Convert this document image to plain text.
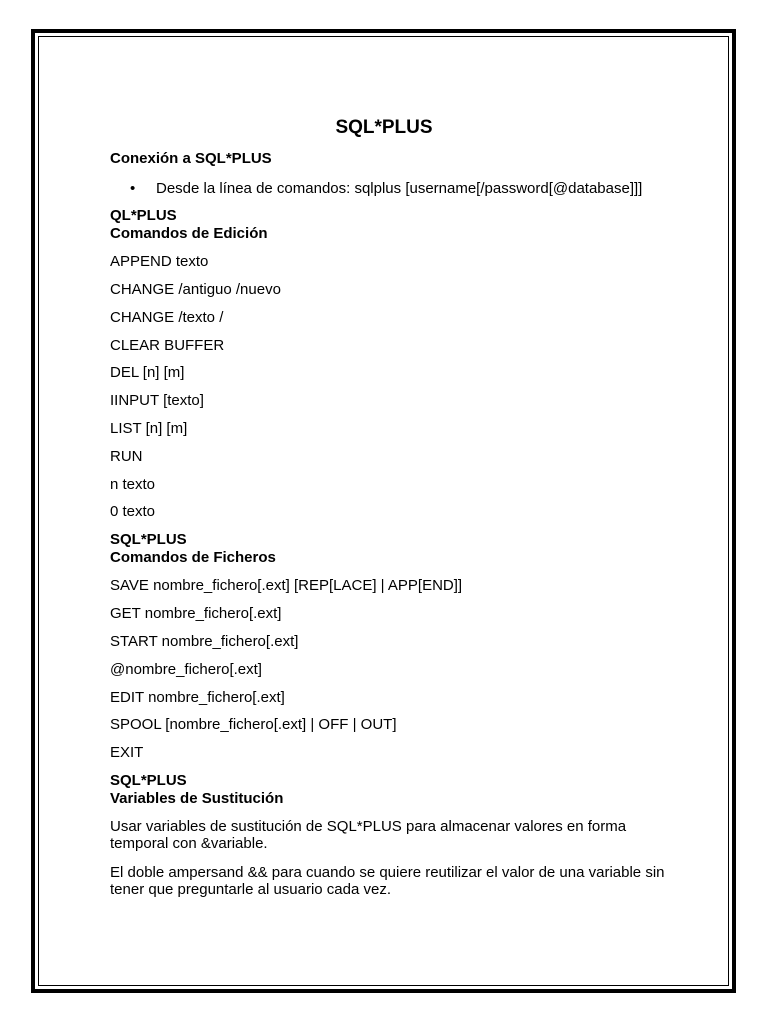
SQL*PLUS
Conexión a SQL*PLUS
• Desde la línea de comandos: sqlplus [username[/password[@database]]]
QL*PLUS
Comandos de Edición
APPEND texto
CHANGE /antiguo /nuevo
CHANGE /texto /
CLEAR BUFFER
DEL [n] [m]
IINPUT [texto]
LIST [n] [m]
RUN
n texto
0 texto
SQL*PLUS
Comandos de Ficheros
SAVE nombre_fichero[.ext] [REP[LACE] | APP[END]]
GET nombre_fichero[.ext]
START nombre_fichero[.ext]
@nombre_fichero[.ext]
EDIT nombre_fichero[.ext]
SPOOL [nombre_fichero[.ext] | OFF | OUT]
EXIT
SQL*PLUS
Variables de Sustitución
Usar variables de sustitución de SQL*PLUS para almacenar valores en forma temporal con &variable.
El doble ampersand && para cuando se quiere reutilizar el valor de una variable sin tener que preguntarle al usuario cada vez.
